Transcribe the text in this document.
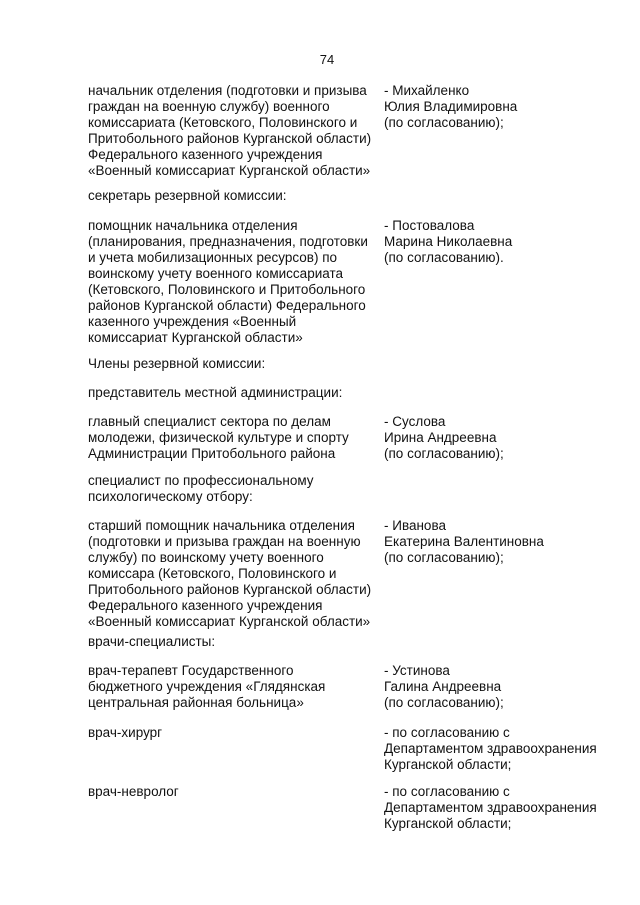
74
начальник отделения (подготовки и призыва
граждан на военную службу) военного
комиссариата (Кетовского, Половинского и
Притобольного районов Курганской области)
Федерального казенного учреждения
«Военный комиссариат Курганской области»
- Михайленко
Юлия Владимировна
(по согласованию);
секретарь резервной комиссии:
помощник начальника отделения
(планирования, предназначения, подготовки
и учета мобилизационных ресурсов) по
воинскому учету военного комиссариата
(Кетовского, Половинского и Притобольного
районов Курганской области) Федерального
казенного учреждения «Военный
комиссариат Курганской области»
- Постовалова
Марина Николаевна
(по согласованию).
Члены резервной комиссии:
представитель местной администрации:
главный специалист сектора по делам
молодежи, физической культуре и спорту
Администрации Притобольного района
- Суслова
Ирина Андреевна
(по согласованию);
специалист по профессиональному
психологическому отбору:
старший помощник начальника отделения
(подготовки и призыва граждан на военную
службу) по воинскому учету военного
комиссара (Кетовского, Половинского и
Притобольного районов Курганской области)
Федерального казенного учреждения
«Военный комиссариат Курганской области»
- Иванова
Екатерина Валентиновна
(по согласованию);
врачи-специалисты:
врач-терапевт Государственного
бюджетного учреждения «Глядянская
центральная районная больница»
- Устинова
Галина Андреевна
(по согласованию);
врач-хирург	- по согласованию с
Департаментом здравоохранения
Курганской области;
врач-невролог	- по согласованию с
Департаментом здравоохранения
Курганской области;
